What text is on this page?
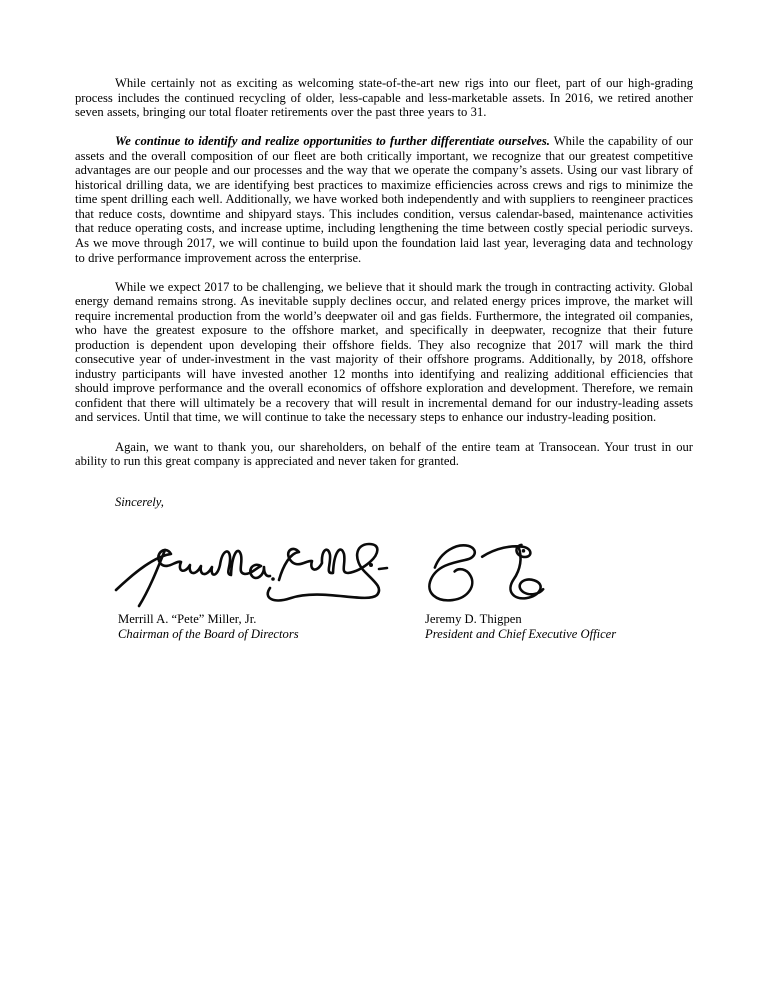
While certainly not as exciting as welcoming state-of-the-art new rigs into our fleet, part of our high-grading process includes the continued recycling of older, less-capable and less-marketable assets. In 2016, we retired another seven assets, bringing our total floater retirements over the past three years to 31.

We continue to identify and realize opportunities to further differentiate ourselves. While the capability of our assets and the overall composition of our fleet are both critically important, we recognize that our greatest competitive advantages are our people and our processes and the way that we operate the company’s assets. Using our vast library of historical drilling data, we are identifying best practices to maximize efficiencies across crews and rigs to minimize the time spent drilling each well. Additionally, we have worked both independently and with suppliers to reengineer practices that reduce costs, downtime and shipyard stays. This includes condition, versus calendar-based, maintenance activities that reduce operating costs, and increase uptime, including lengthening the time between costly special periodic surveys. As we move through 2017, we will continue to build upon the foundation laid last year, leveraging data and technology to drive performance improvement across the enterprise.

While we expect 2017 to be challenging, we believe that it should mark the trough in contracting activity. Global energy demand remains strong. As inevitable supply declines occur, and related energy prices improve, the market will require incremental production from the world’s deepwater oil and gas fields. Furthermore, the integrated oil companies, who have the greatest exposure to the offshore market, and specifically in deepwater, recognize that their future production is dependent upon developing their offshore fields. They also recognize that 2017 will mark the third consecutive year of under-investment in the vast majority of their offshore programs. Additionally, by 2018, offshore industry participants will have invested another 12 months into identifying and realizing additional efficiencies that should improve performance and the overall economics of offshore exploration and development. Therefore, we remain confident that there will ultimately be a recovery that will result in incremental demand for our industry-leading assets and services. Until that time, we will continue to take the necessary steps to enhance our industry-leading position.

Again, we want to thank you, our shareholders, on behalf of the entire team at Transocean. Your trust in our ability to run this great company is appreciated and never taken for granted.

Sincerely,

Merrill A. “Pete” Miller, Jr.
Chairman of the Board of Directors
Jeremy D. Thigpen
President and Chief Executive Officer
